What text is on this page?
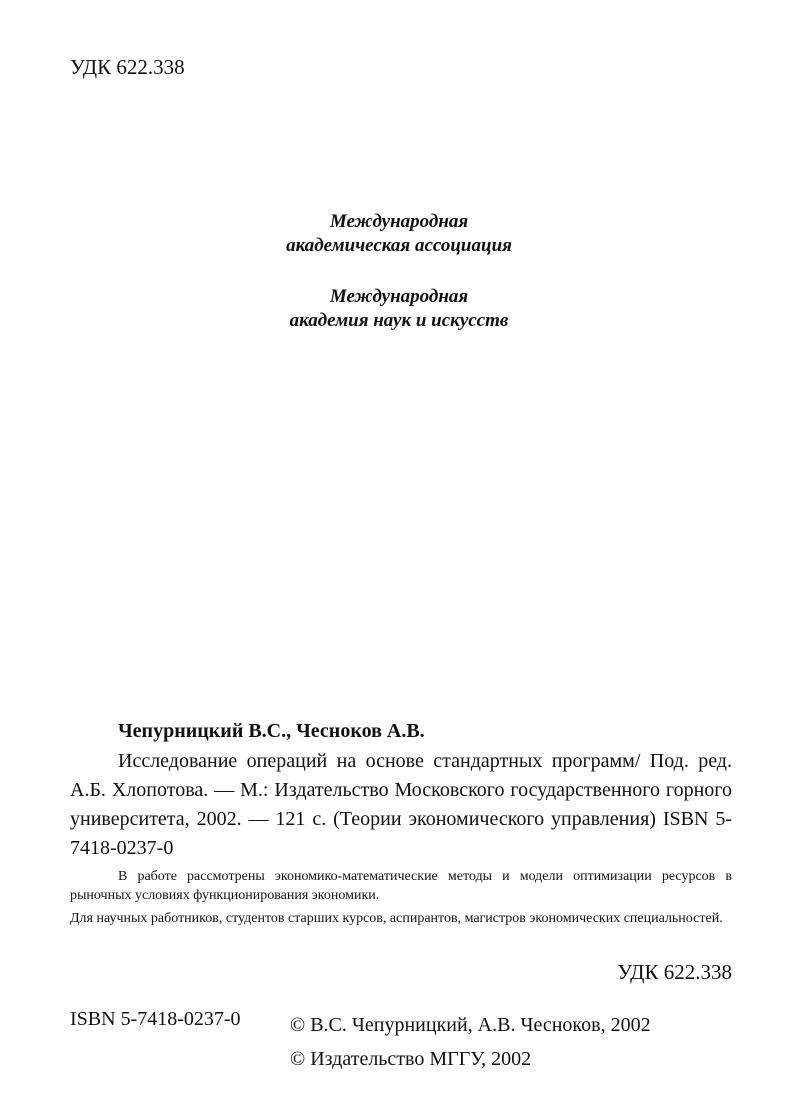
УДК 622.338
Международная
академическая ассоциация
Международная
академия наук и искусств
Чепурницкий В.С., Чесноков А.В.
Исследование операций на основе стандартных программ/ Под. ред. А.Б. Хлопотова. — М.: Издательство Московского государственного горного университета, 2002. — 121 с. (Теории экономического управления) ISBN 5-7418-0237-0
В работе рассмотрены экономико-математические методы и модели оптимизации ресурсов в рыночных условиях функционирования экономики.
Для научных работников, студентов старших курсов, аспирантов, магистров экономических специальностей.
УДК 622.338
ISBN 5-7418-0237-0 © В.С. Чепурницкий, А.В. Чесноков, 2002
© Издательство МГГУ, 2002
